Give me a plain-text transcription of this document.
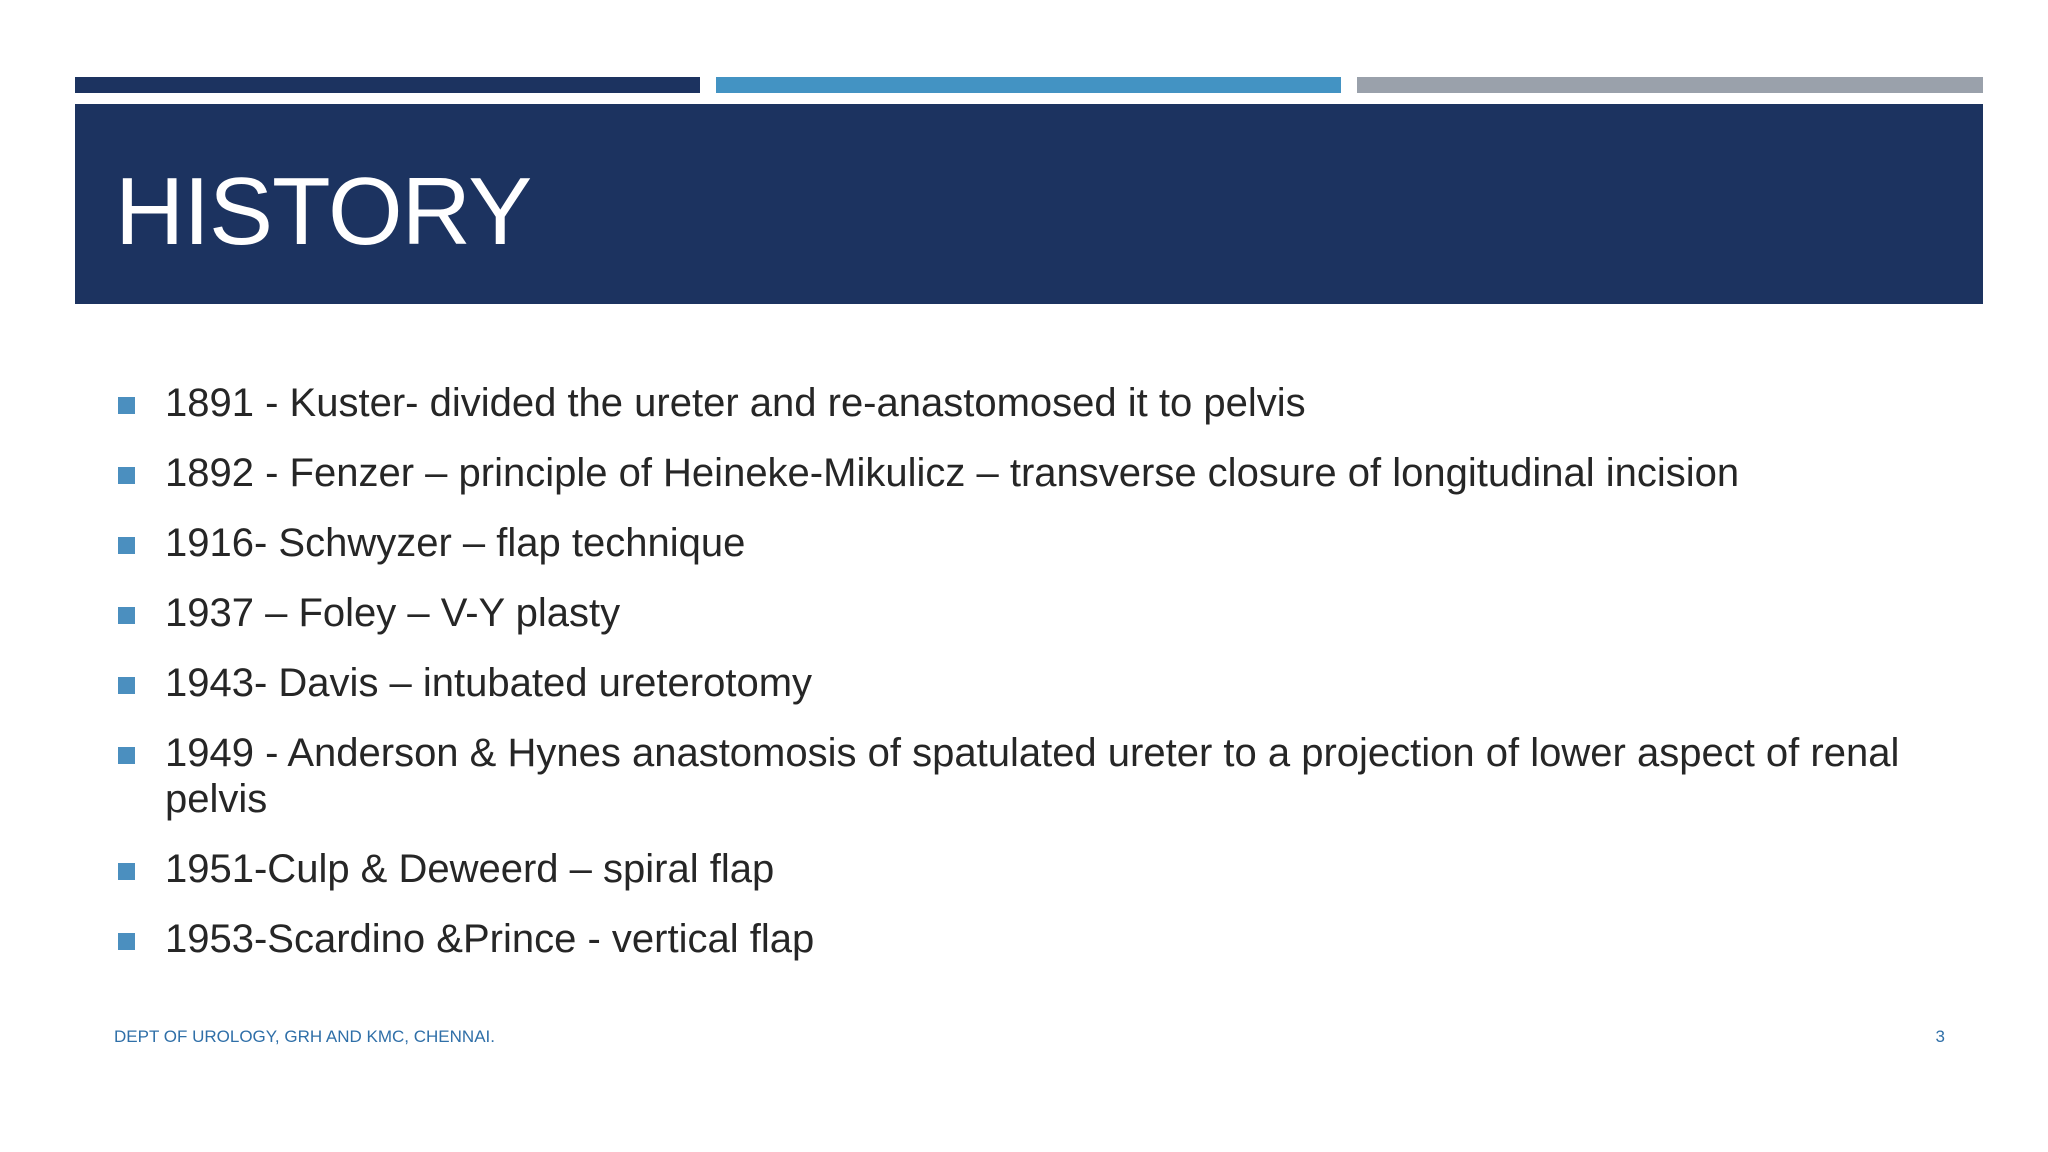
HISTORY
1891 - Kuster- divided the ureter and re-anastomosed it to pelvis
1892 - Fenzer – principle of Heineke-Mikulicz – transverse closure of longitudinal incision
1916- Schwyzer – flap technique
1937 – Foley – V-Y plasty
1943- Davis – intubated ureterotomy
1949 - Anderson & Hynes anastomosis of spatulated ureter to a projection of lower aspect of renal pelvis
1951-Culp & Deweerd – spiral flap
1953-Scardino &Prince - vertical flap
DEPT OF UROLOGY, GRH AND KMC, CHENNAI.	3
